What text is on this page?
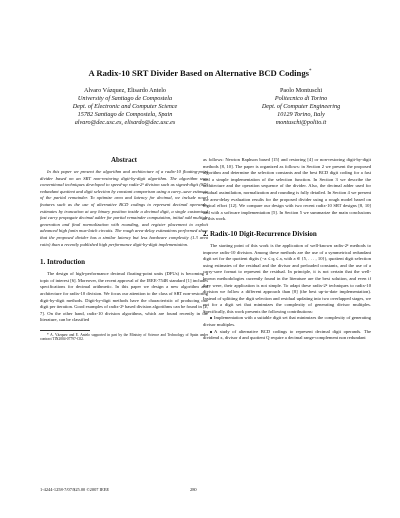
A Radix-10 SRT Divider Based on Alternative BCD Codings*
Alvaro Vázquez, Elisardo Antelo
University of Santiago de Compostela
Dept. of Electronic and Computer Science
15782 Santiago de Compostela, Spain
alvaro@dec.usc.es, elisardo@dec.usc.es
Paolo Montuschi
Politecnico di Torino
Dept. of Computer Engineering
10129 Torino, Italy
montuschi@polito.it
Abstract

In this paper we present the algorithm and architecture of a radix-10 floating-point divider based on an SRT non-restoring digit-by-digit algorithm. The algorithm uses conventional techniques developed to speed-up radix-2ᵏ division such as signed-digit (SD) redundant quotient and digit selection by constant comparison using a carry–save estimate of the partial remainder. To optimize area and latency for decimal, we include novel features such as the use of alternative BCD codings to represent decimal operands, estimates by truncation at any binary position inside a decimal digit, a single customized fast carry propagate decimal adder for partial remainder computation, initial odd multiple generation and final normalization with rounding, and register placement to exploit advanced high fanin mux-latch circuits. The rough area-delay estimations performed show that the proposed divider has a similar latency but less hardware complexity (1.3 area ratio) than a recently published high performance digit-by-digit implementation.

1. Introduction

The design of high-performance decimal floating-point units (DFUs) is becoming a topic of interest [6]. Moreover, the recent approval of the IEEE-754R standard [1] includes specifications for decimal arithmetic. In this paper we design a new algorithm and architecture for radix-10 division. We focus our attention to the class of SRT non-restoring digit-by-digit methods. Digit-by-digit methods have the characteristic of producing one digit per iteration. Good examples of radix-2ᵏ based division algorithms can be found in [2, 7]. On the other hand, radix-10 division algorithms, which are found recently in the literature, can be classified

* A. Vázquez and E. Antelo supported in part by the Ministry of Science and Technology of Spain under contract TIN2004-07797-C02.

as follows: Newton Raphson based [15] and restoring [4] or non-restoring digit-by-digit methods [8, 10]. The paper is organized as follows: in Section 2 we present the proposed algorithm and determine the selection constants and the best BCD digit coding for a fast and a simple implementation of the selection function. In Section 3 we describe the architecture and the operation sequence of the divider. Also, the decimal adder used for residual assimilation, normalization and rounding is fully detailed. In Section 4 we present the area-delay evaluation results for the proposed divider using a rough model based on logical effort [12]. We compare our design with two recent radix-10 SRT designs [8, 10] and with a software implementation [5]. In Section 5 we summarize the main conclusions of this work.

2. Radix-10 Digit-Recurrence Division

The starting point of this work is the application of well-known radix-2ᵏ methods to improve radix-10 division. Among these methods are the use of a symmetrical redundant digit set for the quotient digits (−a ≤ qᵢ ≤ a, with a ∈ {5, . . . , 10}), quotient digit selection using estimates of the residual and the divisor and preloaded constants, and the use of a carry-save format to represent the residual. In principle, it is not certain that the well-known methodologies currently found in the literature are the best solution, and even if they were, their application is not simple. To adapt these radix-2ᵏ techniques to radix-10 division we follow a different approach than [8] (the best up-to-date implementation). Instead of splitting the digit selection and residual updating into two overlapped stages, we opt for a digit set that minimizes the complexity of generating divisor multiples. Specifically, this work presents the following contributions:

Implementation with a suitable digit set that minimizes the complexity of generating divisor multiples.
A study of alternative BCD codings to represent decimal digit operands. The dividend x, divisor d and quotient Q require a decimal range-complement non redundant
1-4244-1258-7/07/$25.00 ©2007 IEEE	280
